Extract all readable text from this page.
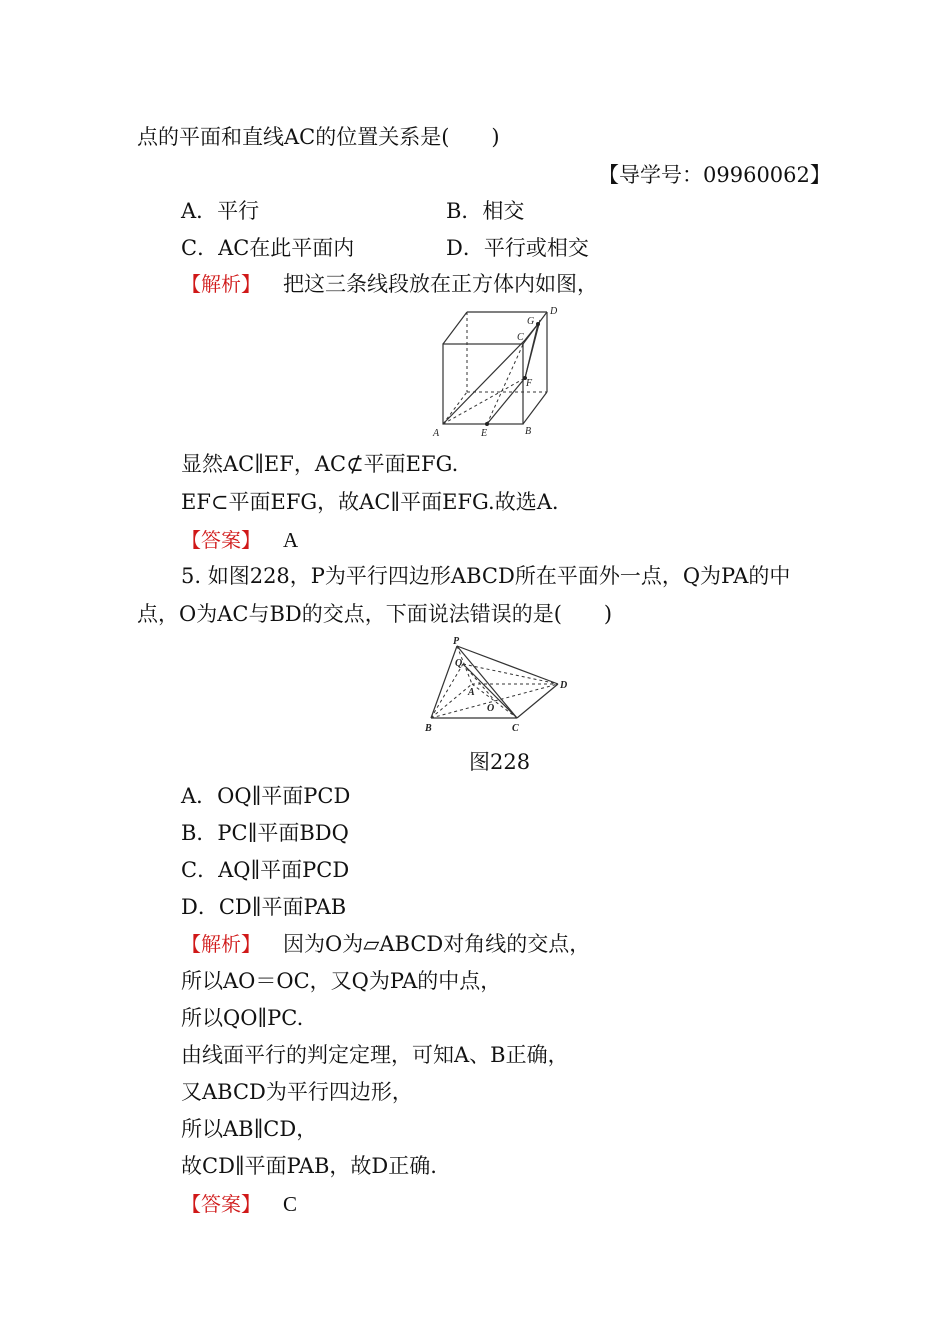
点的平面和直线AC的位置关系是(　　)
【导学号：09960062】
A．平行	B．相交
C．AC在此平面内	D．平行或相交
【解析】 把这三条线段放在正方体内如图，
A	E	B
F
C
G
D
显然AC∥EF，AC⊄平面EFG.
EF⊂平面EFG，故AC∥平面EFG.故选A.
【答案】 A
5. 如图228，P为平行四边形ABCD所在平面外一点，Q为PA的中
点，O为AC与BD的交点，下面说法错误的是(　　)
P
Q
A
O
B	C
D
图228
A．OQ∥平面PCD
B．PC∥平面BDQ
C．AQ∥平面PCD
D．CD∥平面PAB
【解析】 因为O为▱ABCD对角线的交点，
所以AO＝OC，又Q为PA的中点，
所以QO∥PC.
由线面平行的判定定理，可知A、B正确，
又ABCD为平行四边形，
所以AB∥CD，
故CD∥平面PAB，故D正确.
【答案】 C
